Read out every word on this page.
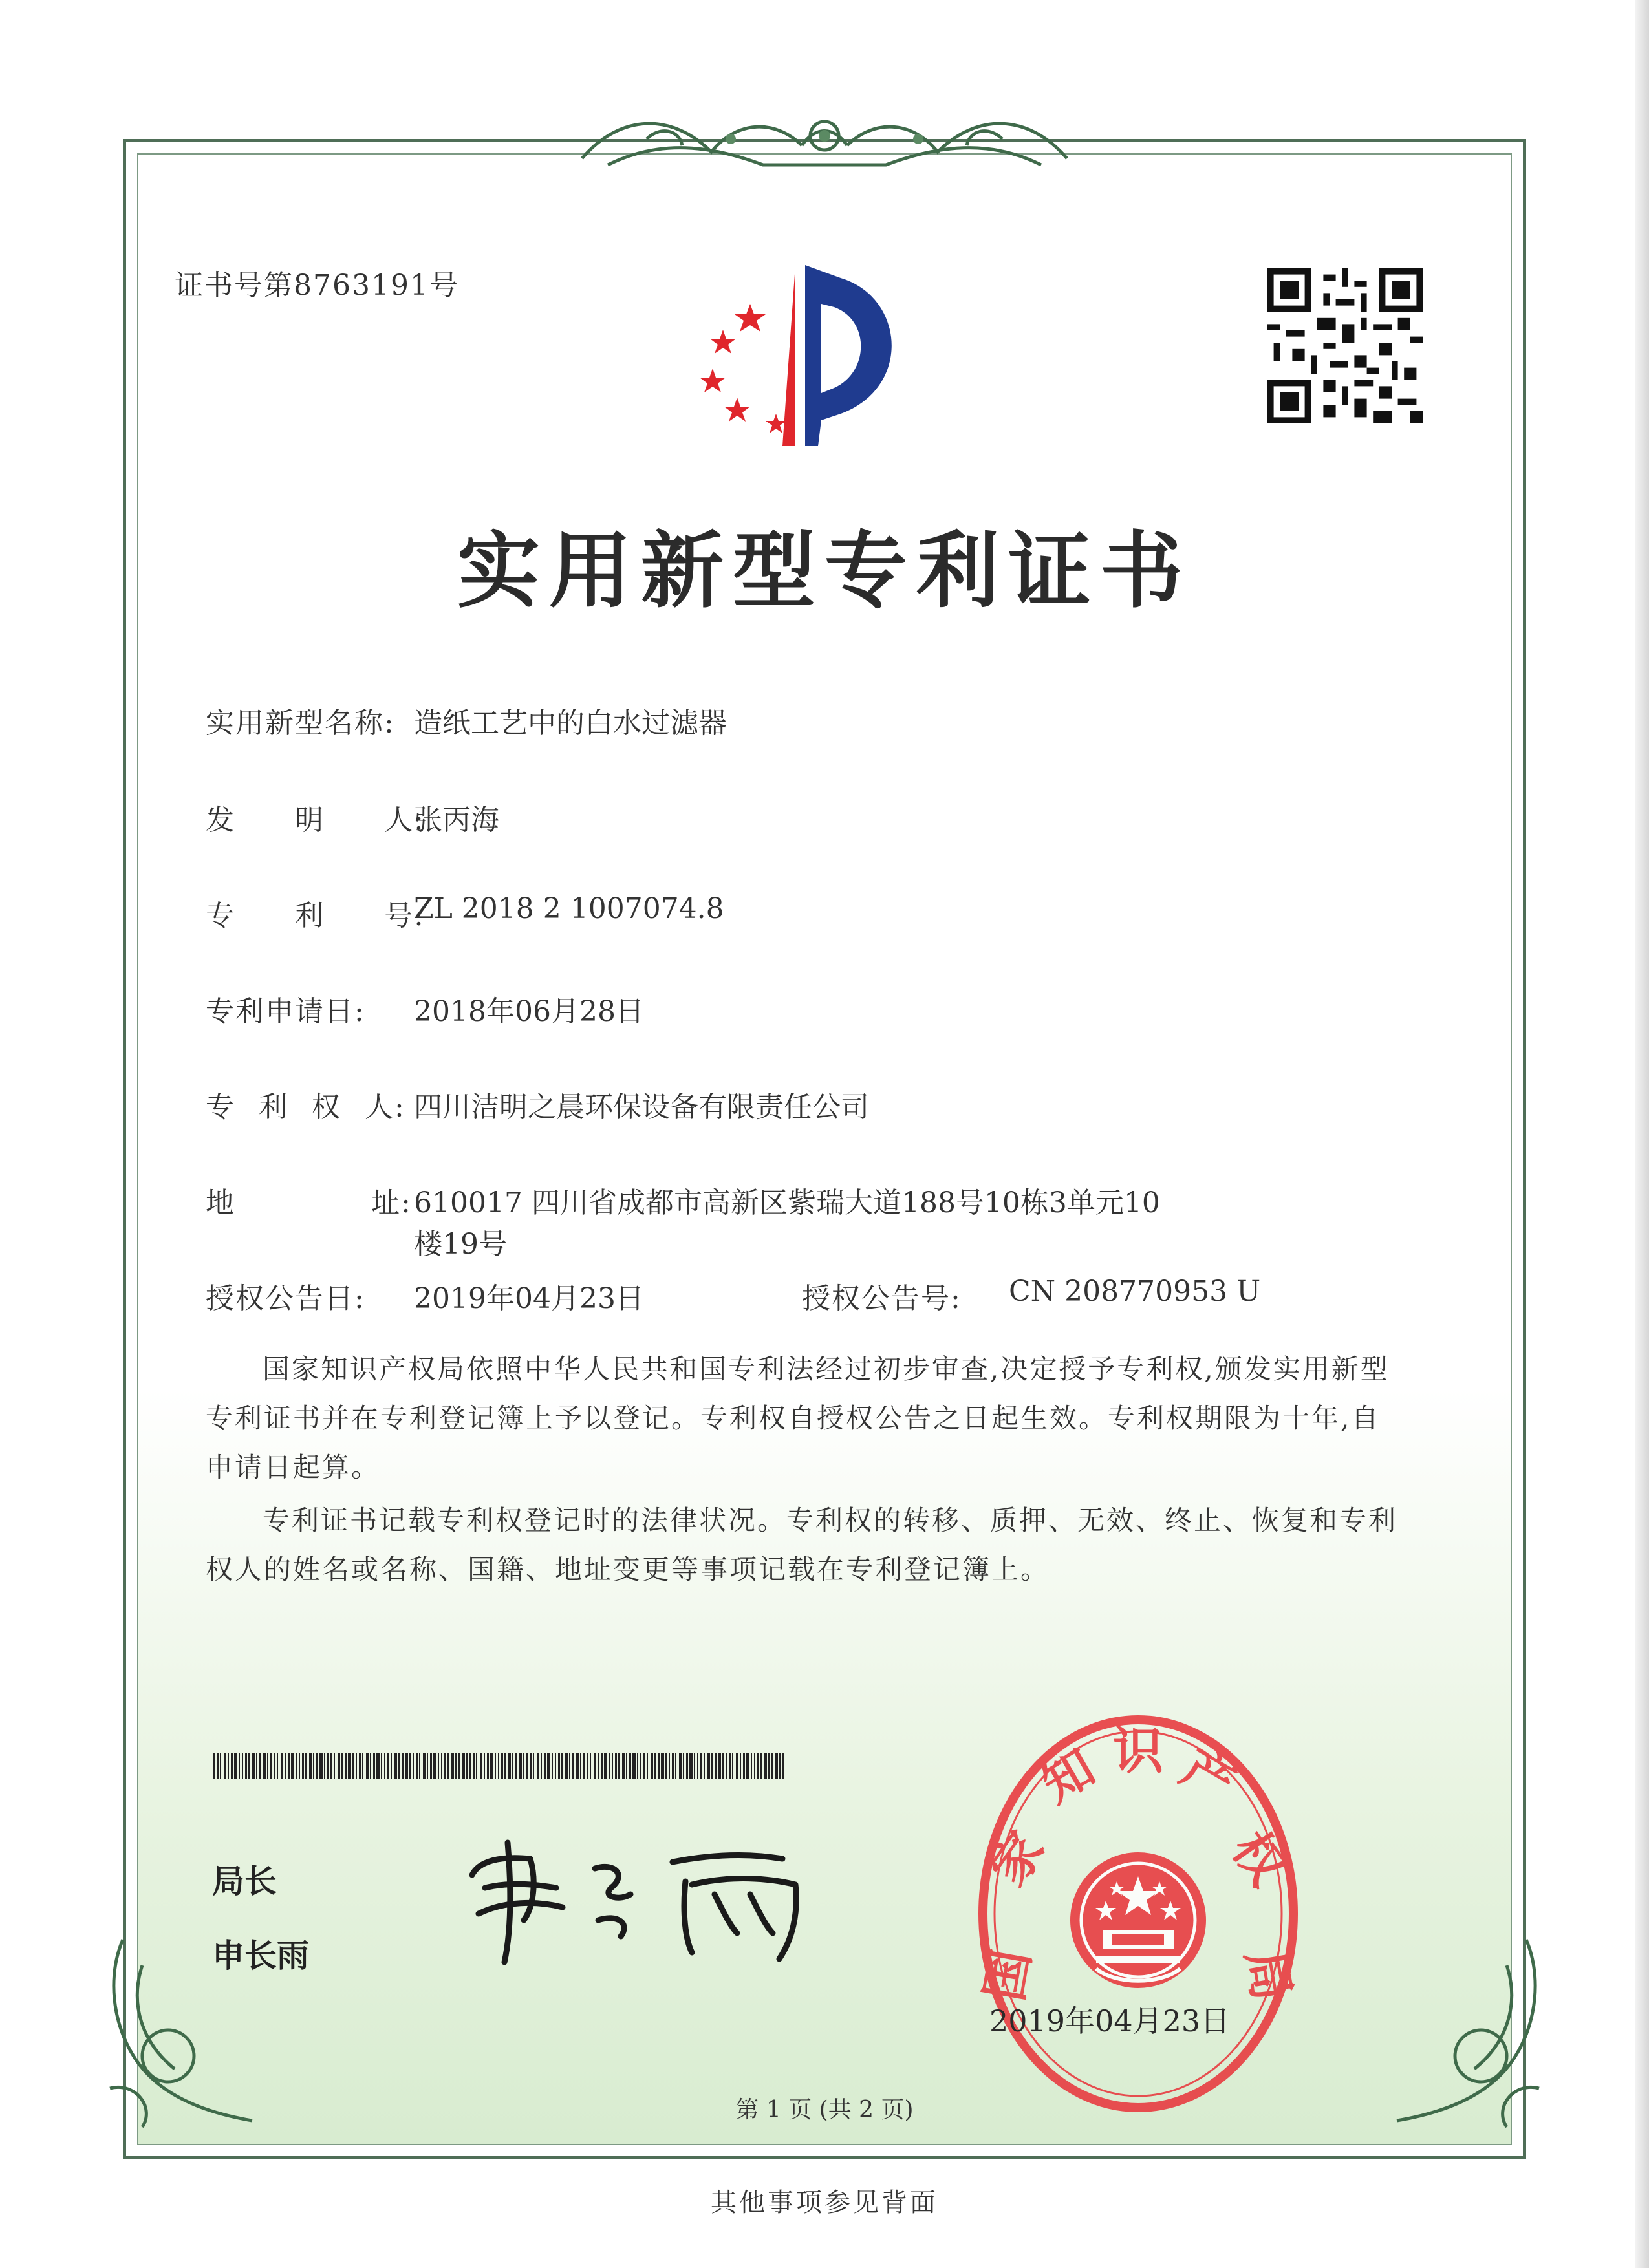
证书号第8763191号
实用新型专利证书
实用新型名称: 造纸工艺中的白水过滤器
发 明 人:
张丙海
专 利 号:
ZL 2018 2 1007074.8
专利申请日: 2018年06月28日
专 利 权 人: 四川洁明之晨环保设备有限责任公司
地	址: 610017 四川省成都市高新区紫瑞大道188号10栋3单元10
楼19号
授权公告日: 2019年04月23日	授权公告号: CN 208770953 U

国家知识产权局依照中华人民共和国专利法经过初步审查,决定授予专利权,颁发实用新型专利证书并在专利登记簿上予以登记。专利权自授权公告之日起生效。专利权期限为十年,自申请日起算。

专利证书记载专利权登记时的法律状况。专利权的转移、质押、无效、终止、恢复和专利权人的姓名或名称、国籍、地址变更等事项记载在专利登记簿上。

局长
申长雨
家
知 识 产
权
国	局
2019年04月23日
第 1 页 (共 2 页)
其他事项参见背面
